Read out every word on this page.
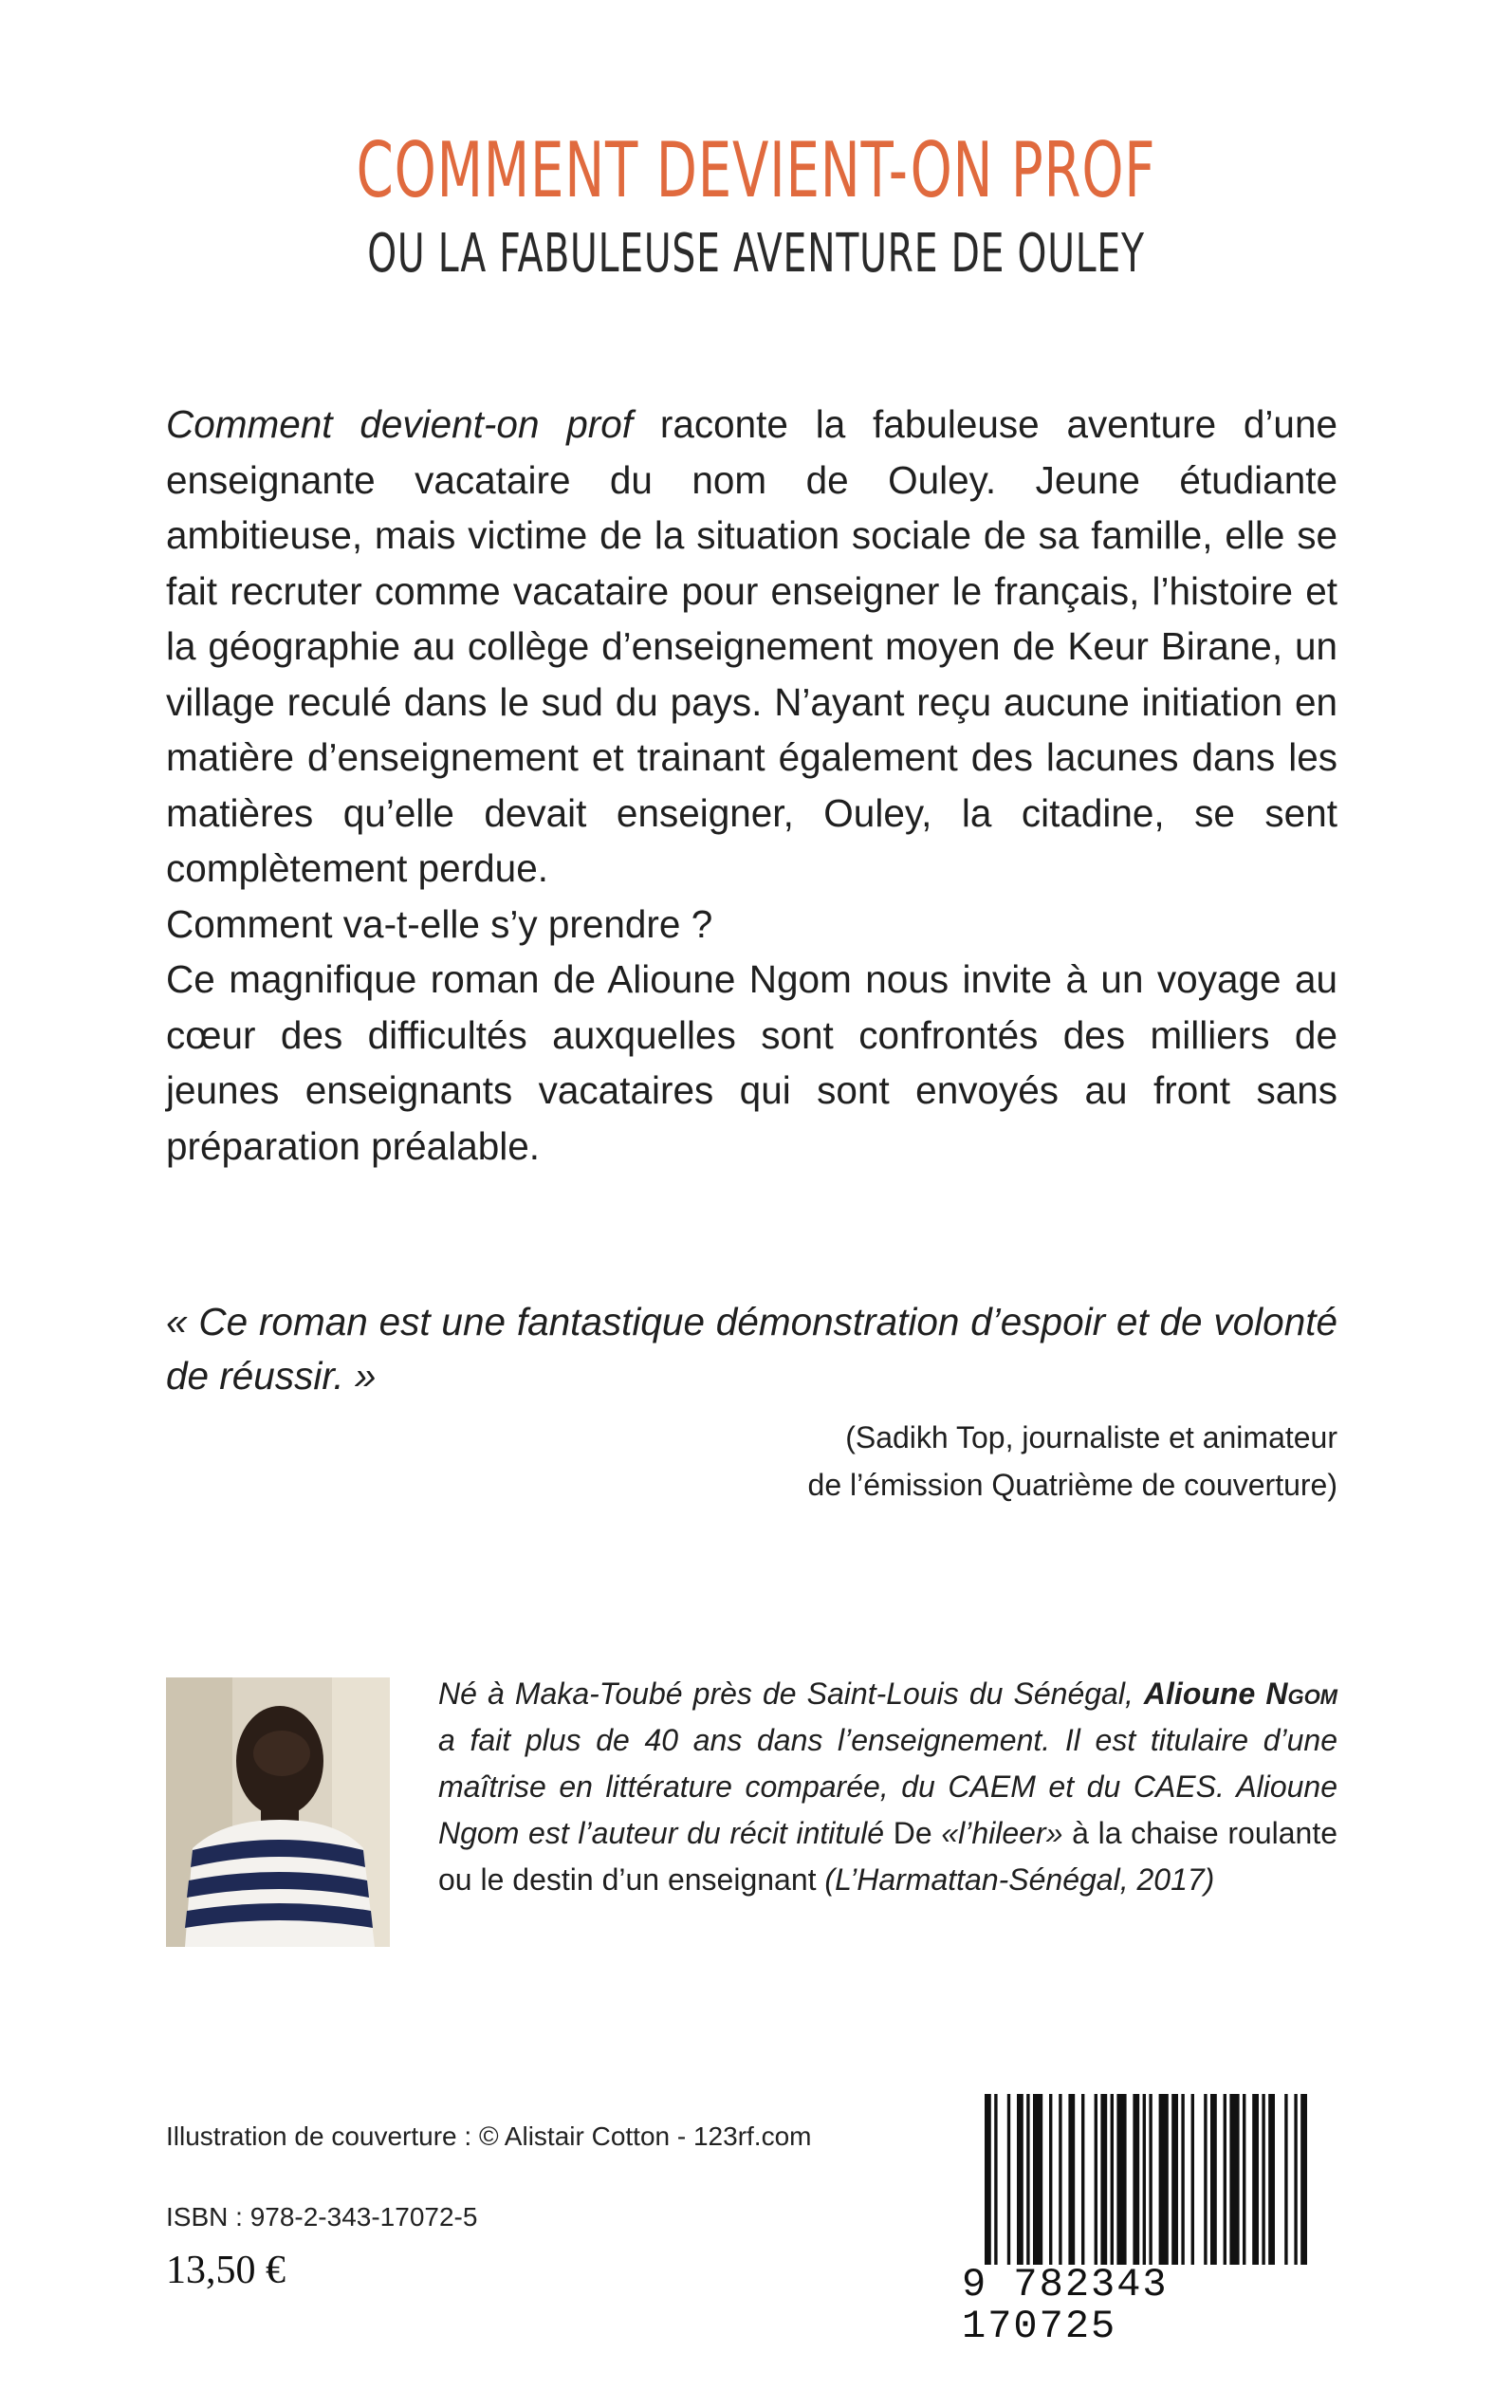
COMMENT DEVIENT-ON PROF
OU LA FABULEUSE AVENTURE DE OULEY

Comment devient-on prof raconte la fabuleuse aventure d’une enseignante vacataire du nom de Ouley. Jeune étudiante ambitieuse, mais victime de la situation sociale de sa famille, elle se fait recruter comme vacataire pour enseigner le français, l’histoire et la géographie au collège d’enseignement moyen de Keur Birane, un village reculé dans le sud du pays. N’ayant reçu aucune initiation en matière d’enseignement et trainant également des lacunes dans les matières qu’elle devait enseigner, Ouley, la citadine, se sent complètement perdue.

Comment va-t-elle s’y prendre ?

Ce magnifique roman de Alioune Ngom nous invite à un voyage au cœur des difficultés auxquelles sont confrontés des milliers de jeunes enseignants vacataires qui sont envoyés au front sans préparation préalable.

« Ce roman est une fantastique démonstration d’espoir et de volonté de réussir. »
(Sadikh Top, journaliste et animateur
de l’émission Quatrième de couverture)
Né à Maka-Toubé près de Saint-Louis du Sénégal, Alioune Ngom a fait plus de 40 ans dans l’enseignement. Il est titulaire d’une maîtrise en littérature comparée, du CAEM et du CAES. Alioune Ngom est l’auteur du récit intitulé De «l’hileer» à la chaise roulante ou le destin d’un enseignant (L’Harmattan-Sénégal, 2017)
Illustration de couverture : © Alistair Cotton - 123rf.com
ISBN : 978-2-343-17072-5
13,50 €	9 782343 170725
